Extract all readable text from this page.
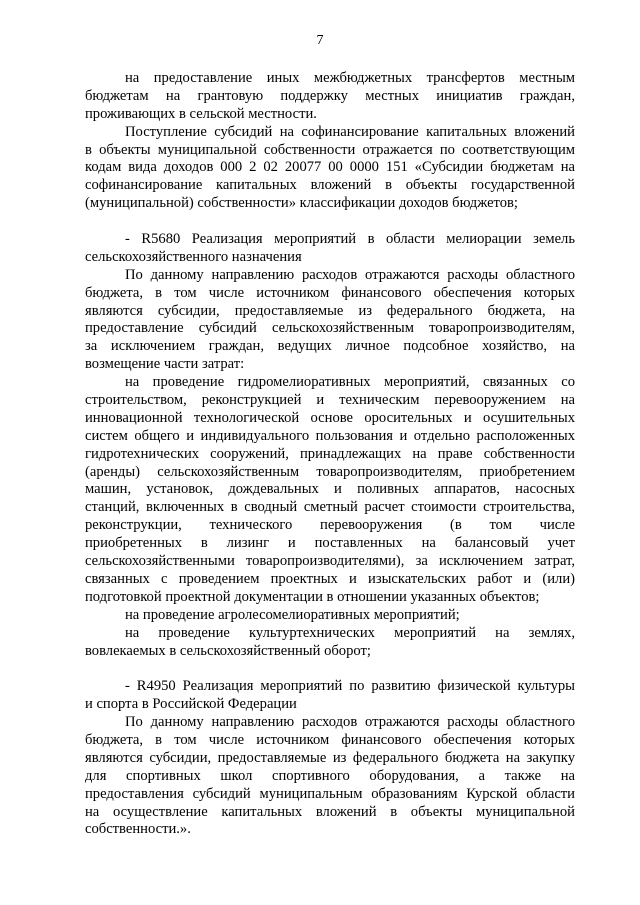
7
на предоставление иных межбюджетных трансфертов местным
бюджетам на грантовую поддержку местных инициатив граждан,
проживающих в сельской местности.
Поступление субсидий на софинансирование капитальных вложений
в объекты муниципальной собственности отражается по соответствующим
кодам вида доходов 000 2 02 20077 00 0000 151 «Субсидии бюджетам на
софинансирование капитальных вложений в объекты государственной
(муниципальной) собственности» классификации доходов бюджетов;
- R5680 Реализация мероприятий в области мелиорации земель
сельскохозяйственного назначения
По данному направлению расходов отражаются расходы областного
бюджета, в том числе источником финансового обеспечения которых
являются субсидии, предоставляемые из федерального бюджета, на
предоставление субсидий сельскохозяйственным товаропроизводителям,
за исключением граждан, ведущих личное подсобное хозяйство, на
возмещение части затрат:
на проведение гидромелиоративных мероприятий, связанных со
строительством, реконструкцией и техническим перевооружением на
инновационной технологической основе оросительных и осушительных
систем общего и индивидуального пользования и отдельно расположенных
гидротехнических сооружений, принадлежащих на праве собственности
(аренды) сельскохозяйственным товаропроизводителям, приобретением
машин, установок, дождевальных и поливных аппаратов, насосных
станций, включенных в сводный сметный расчет стоимости строительства,
реконструкции, технического перевооружения (в том числе
приобретенных в лизинг и поставленных на балансовый учет
сельскохозяйственными товаропроизводителями), за исключением затрат,
связанных с проведением проектных и изыскательских работ и (или)
подготовкой проектной документации в отношении указанных объектов;
на проведение агролесомелиоративных мероприятий;
на проведение культуртехнических мероприятий на землях,
вовлекаемых в сельскохозяйственный оборот;
- R4950 Реализация мероприятий по развитию физической культуры
и спорта в Российской Федерации
По данному направлению расходов отражаются расходы областного
бюджета, в том числе источником финансового обеспечения которых
являются субсидии, предоставляемые из федерального бюджета на закупку
для спортивных школ спортивного оборудования, а также на
предоставления субсидий муниципальным образованиям Курской области
на осуществление капитальных вложений в объекты муниципальной
собственности.».
